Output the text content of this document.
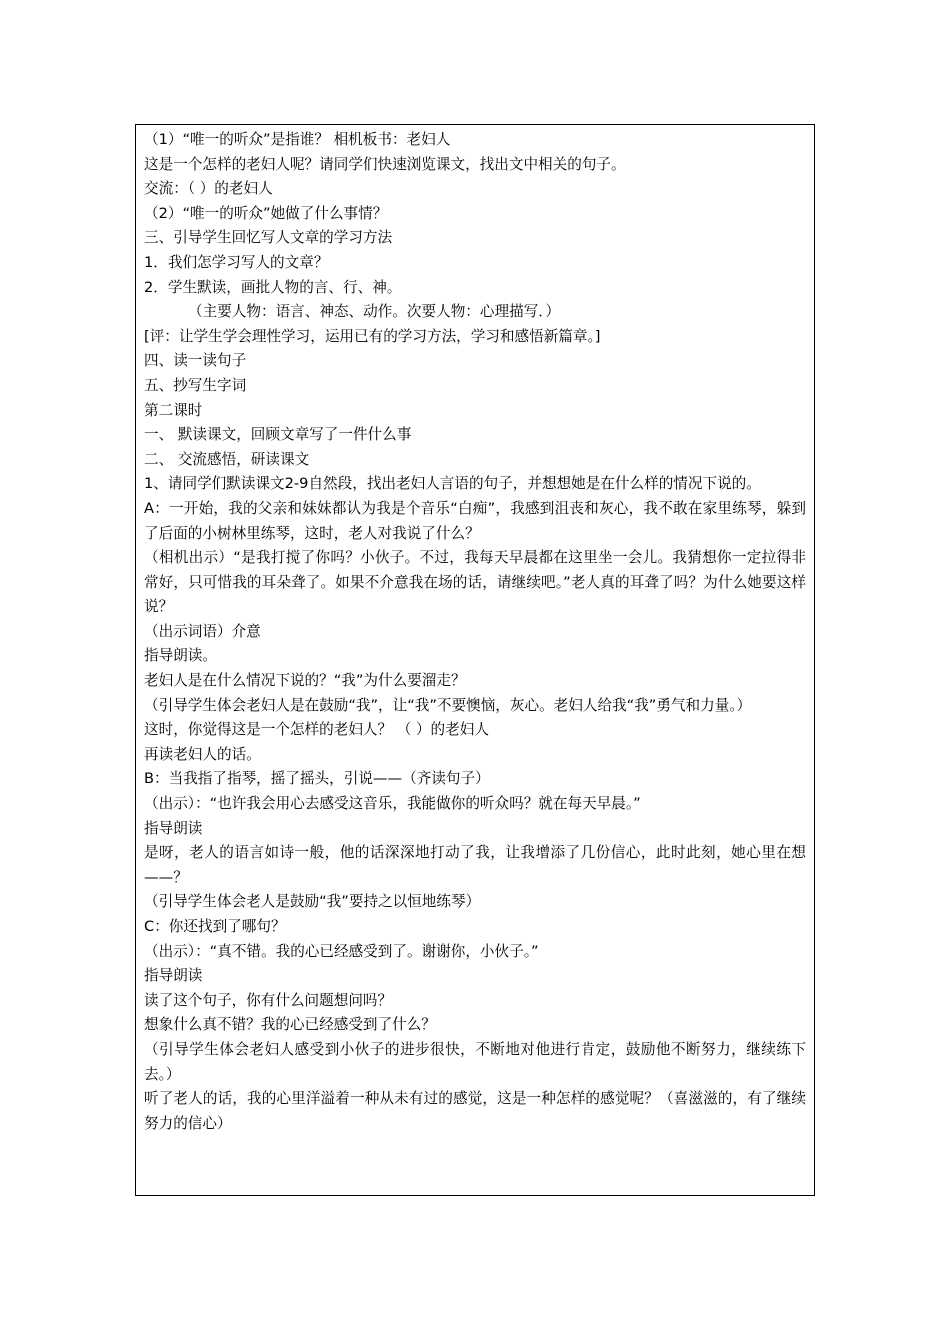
（1）“唯一的听众”是指谁？ 相机板书：老妇人
这是一个怎样的老妇人呢？请同学们快速浏览课文，找出文中相关的句子。
交流：（ ）的老妇人
（2）“唯一的听众”她做了什么事情？
三、引导学生回忆写人文章的学习方法
1．我们怎学习写人的文章？
2．学生默读，画批人物的言、行、神。
（主要人物：语言、神态、动作。次要人物：心理描写．）
[评：让学生学会理性学习，运用已有的学习方法，学习和感悟新篇章。]
四、读一读句子
五、抄写生字词
第二课时
一、 默读课文，回顾文章写了一件什么事
二、 交流感悟，研读课文
1、请同学们默读课文2-9自然段，找出老妇人言语的句子，并想想她是在什么样的情况下说的。
A：一开始，我的父亲和妹妹都认为我是个音乐“白痴”，我感到沮丧和灰心，我不敢在家里练琴，躲到了后面的小树林里练琴，这时，老人对我说了什么？
（相机出示）“是我打搅了你吗？小伙子。不过，我每天早晨都在这里坐一会儿。我猜想你一定拉得非常好，只可惜我的耳朵聋了。如果不介意我在场的话，请继续吧。”老人真的耳聋了吗？为什么她要这样说？
（出示词语）介意
指导朗读。
老妇人是在什么情况下说的？“我”为什么要溜走？
（引导学生体会老妇人是在鼓励“我”，让“我”不要懊恼，灰心。老妇人给我“我”勇气和力量。）
这时，你觉得这是一个怎样的老妇人？ （ ）的老妇人
再读老妇人的话。
B：当我指了指琴，摇了摇头，引说——（齐读句子）
（出示）：“也许我会用心去感受这音乐，我能做你的听众吗？就在每天早晨。”
指导朗读
是呀，老人的语言如诗一般，他的话深深地打动了我，让我增添了几份信心，此时此刻，她心里在想——？
（引导学生体会老人是鼓励“我”要持之以恒地练琴）
C：你还找到了哪句？
（出示）：“真不错。我的心已经感受到了。谢谢你，小伙子。”
指导朗读
读了这个句子，你有什么问题想问吗？
想象什么真不错？我的心已经感受到了什么？
（引导学生体会老妇人感受到小伙子的进步很快，不断地对他进行肯定，鼓励他不断努力，继续练下去。）
听了老人的话，我的心里洋溢着一种从未有过的感觉，这是一种怎样的感觉呢？（喜滋滋的，有了继续努力的信心）
